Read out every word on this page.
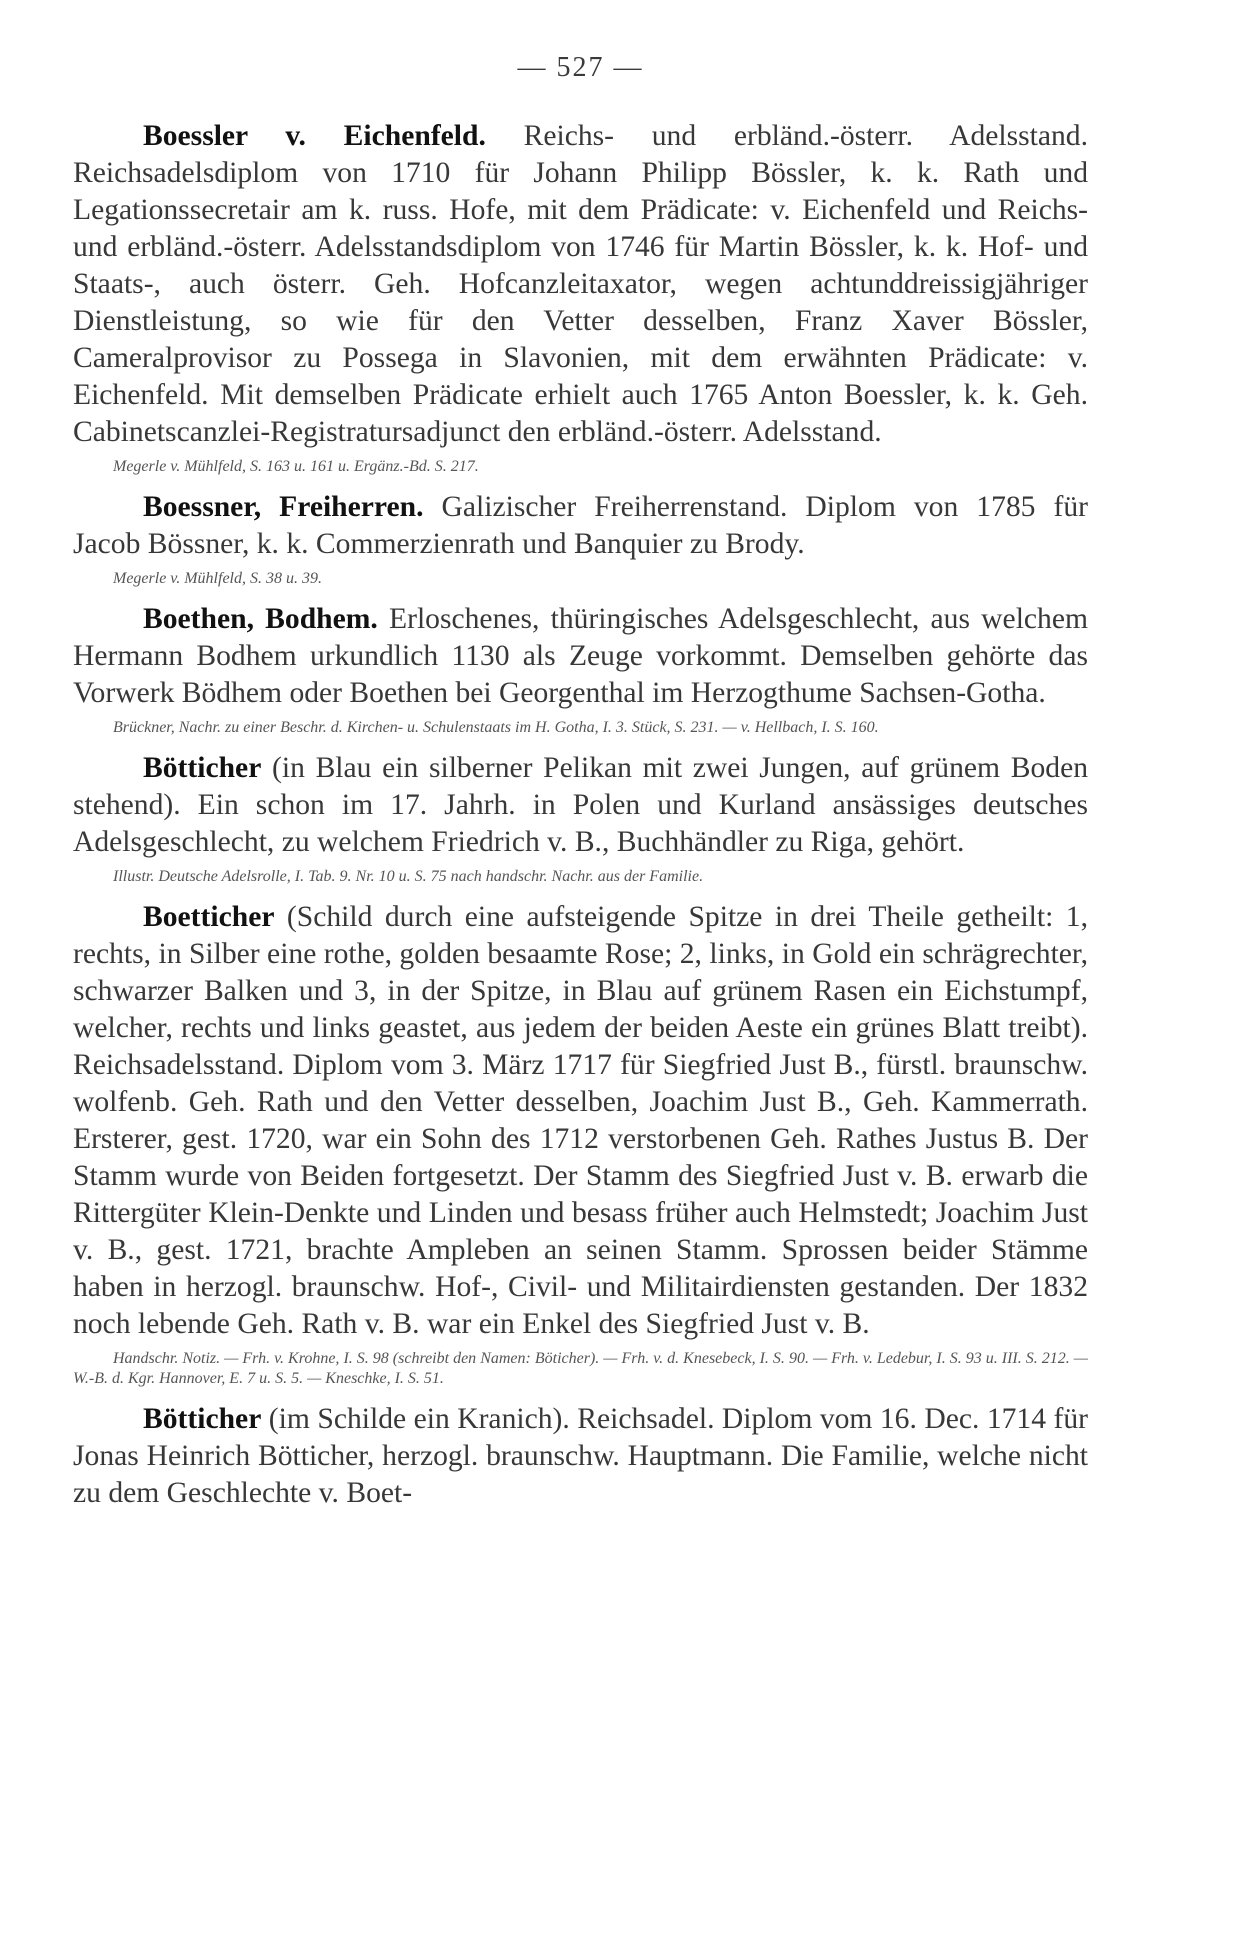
— 527 —

Boessler v. Eichenfeld. Reichs- und erbländ.-österr. Adelsstand. Reichsadelsdiplom von 1710 für Johann Philipp Bössler, k. k. Rath und Legationssecretair am k. russ. Hofe, mit dem Prädicate: v. Eichenfeld und Reichs- und erbländ.-österr. Adelsstandsdiplom von 1746 für Martin Bössler, k. k. Hof- und Staats-, auch österr. Geh. Hofcanzleitaxator, wegen achtunddreissigjähriger Dienstleistung, so wie für den Vetter desselben, Franz Xaver Bössler, Cameralprovisor zu Possega in Slavonien, mit dem erwähnten Prädicate: v. Eichenfeld. Mit demselben Prädicate erhielt auch 1765 Anton Boessler, k. k. Geh. Cabinetscanzlei-Registratursadjunct den erbländ.-österr. Adelsstand.

Megerle v. Mühlfeld, S. 163 u. 161 u. Ergänz.-Bd. S. 217.

Boessner, Freiherren. Galizischer Freiherrenstand. Diplom von 1785 für Jacob Bössner, k. k. Commerzienrath und Banquier zu Brody.

Megerle v. Mühlfeld, S. 38 u. 39.

Boethen, Bodhem. Erloschenes, thüringisches Adelsgeschlecht, aus welchem Hermann Bodhem urkundlich 1130 als Zeuge vorkommt. Demselben gehörte das Vorwerk Bödhem oder Boethen bei Georgenthal im Herzogthume Sachsen-Gotha.

Brückner, Nachr. zu einer Beschr. d. Kirchen- u. Schulenstaats im H. Gotha, I. 3. Stück, S. 231. — v. Hellbach, I. S. 160.

Bötticher (in Blau ein silberner Pelikan mit zwei Jungen, auf grünem Boden stehend). Ein schon im 17. Jahrh. in Polen und Kurland ansässiges deutsches Adelsgeschlecht, zu welchem Friedrich v. B., Buchhändler zu Riga, gehört.

Illustr. Deutsche Adelsrolle, I. Tab. 9. Nr. 10 u. S. 75 nach handschr. Nachr. aus der Familie.

Boetticher (Schild durch eine aufsteigende Spitze in drei Theile getheilt: 1, rechts, in Silber eine rothe, golden besaamte Rose; 2, links, in Gold ein schrägrechter, schwarzer Balken und 3, in der Spitze, in Blau auf grünem Rasen ein Eichstumpf, welcher, rechts und links geastet, aus jedem der beiden Aeste ein grünes Blatt treibt). Reichsadelsstand. Diplom vom 3. März 1717 für Siegfried Just B., fürstl. braunschw. wolfenb. Geh. Rath und den Vetter desselben, Joachim Just B., Geh. Kammerrath. Ersterer, gest. 1720, war ein Sohn des 1712 verstorbenen Geh. Rathes Justus B. Der Stamm wurde von Beiden fortgesetzt. Der Stamm des Siegfried Just v. B. erwarb die Rittergüter Klein-Denkte und Linden und besass früher auch Helmstedt; Joachim Just v. B., gest. 1721, brachte Ampleben an seinen Stamm. Sprossen beider Stämme haben in herzogl. braunschw. Hof-, Civil- und Militairdiensten gestanden. Der 1832 noch lebende Geh. Rath v. B. war ein Enkel des Siegfried Just v. B.

Handschr. Notiz. — Frh. v. Krohne, I. S. 98 (schreibt den Namen: Böticher). — Frh. v. d. Knesebeck, I. S. 90. — Frh. v. Ledebur, I. S. 93 u. III. S. 212. — W.-B. d. Kgr. Hannover, E. 7 u. S. 5. — Kneschke, I. S. 51.

Bötticher (im Schilde ein Kranich). Reichsadel. Diplom vom 16. Dec. 1714 für Jonas Heinrich Bötticher, herzogl. braunschw. Hauptmann. Die Familie, welche nicht zu dem Geschlechte v. Boet-
